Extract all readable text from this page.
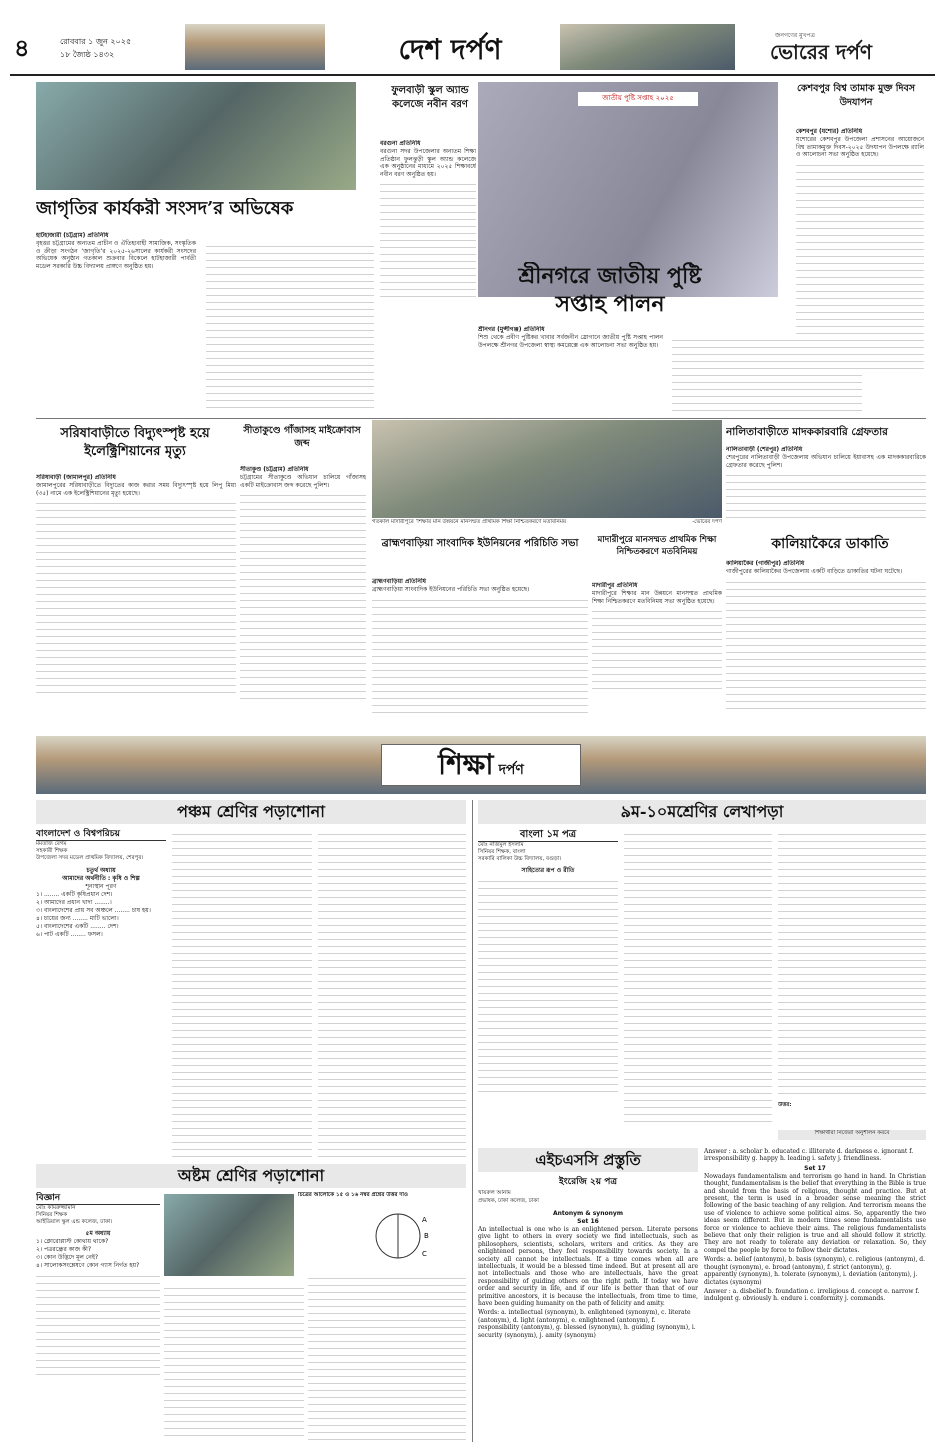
৪	রোববার ১ জুন ২০২৫
১৮ জ্যৈষ্ঠ ১৪৩২	দেশ দর্পণ	জনগণের মুখপত্র
ভোরের দর্পণ
জাগৃতির কার্যকরী সংসদ’র অভিষেক
হাটহাজারী (চট্টগ্রাম) প্রতিনিধি
বৃহত্তর চট্টগ্রামের অন্যতম প্রাচীন ও ঐতিহ্যবাহী সামাজিক, সংস্কৃতিক ও ক্রীড়া সংগঠন ‘জাগৃতি’র ২০২৫-২৬সালের কার্যকরী সংসদের অভিষেক অনুষ্ঠান গতকাল শুক্রবার বিকেলে হাটহাজারী পার্বতী মডেল সরকারি উচ্চ বিদ্যালয় প্রাঙ্গণে অনুষ্ঠিত হয়।
ফুলবাড়ী স্কুল অ্যান্ড কলেজে নবীন বরণ
বরগুনা প্রতিনিধি
বরগুনা সদর উপজেলার অন্যতম শিক্ষা প্রতিষ্ঠান ফুলঝুড়ী স্কুল অ্যান্ড কলেজে এক অনুষ্ঠানের মাধ্যমে ২০২৫ শিক্ষাবর্ষে নবীন বরণ অনুষ্ঠিত হয়।
জাতীয় পুষ্টি সপ্তাহ ২০২৫
শ্রীনগরে জাতীয় পুষ্টি সপ্তাহ পালন
শ্রীনগর (মুন্সীগঞ্জ) প্রতিনিধি
শিশু থেকে প্রবীণ পুষ্টিকর খাবার সর্বজনীন স্লোগানে জাতীয় পুষ্টি সপ্তাহ পালন উপলক্ষে শ্রীনগর উপজেলা স্বাস্থ্য কমপ্লেক্সে এক আলোচনা সভা অনুষ্ঠিত হয়।
কেশবপুর বিশ্ব তামাক মুক্ত দিবস উদযাপন
কেশবপুর (যশোর) প্রতিনিধি
যশোরের কেশবপুর উপজেলা প্রশাসনের আয়োজনে বিশ্ব তামাকমুক্ত দিবস-২০২৫ উদযাপন উপলক্ষে র‍্যালি ও আলোচনা সভা অনুষ্ঠিত হয়েছে।
সরিষাবাড়ীতে বিদ্যুৎস্পৃষ্ট হয়ে ইলেক্ট্রিশিয়ানের মৃত্যু
সরিষাবাড়ী (জামালপুর) প্রতিনিধি
জামালপুরের সরিষাবাড়ীতে বিদ্যুতের কাজ করার সময় বিদ্যুৎস্পৃষ্ট হয়ে লিপু মিয়া (৩৫) নামে এক ইলেক্ট্রিশিয়ানের মৃত্যু হয়েছে।
সীতাকুণ্ডে গাঁজাসহ মাইক্রোবাস জব্দ
সীতাকুণ্ড (চট্টগ্রাম) প্রতিনিধি
চট্টগ্রামের সীতাকুণ্ডে অভিযান চালিয়ে গাঁজাসহ একটি মাইক্রোবাস জব্দ করেছে পুলিশ।
গতকাল মাদারীপুরে ‘শিক্ষার মান উন্নয়নে মানসম্মত প্রাথমিক শিক্ষা নিশ্চিতকরণে মতবিনিময়	-ভোরের দর্পণ
ব্রাহ্মণবাড়িয়া সাংবাদিক ইউনিয়নের পরিচিতি সভা
ব্রাহ্মণবাড়িয়া প্রতিনিধি
ব্রাহ্মণবাড়িয়া সাংবাদিক ইউনিয়নের পরিচিতি সভা অনুষ্ঠিত হয়েছে।
মাদারীপুরে মানসম্মত প্রাথমিক শিক্ষা নিশ্চিতকরণে মতবিনিময়
মাদারীপুর প্রতিনিধি
মাদারীপুরে শিক্ষার মান উন্নয়নে মানসম্মত প্রাথমিক শিক্ষা নিশ্চিতকরণে মতবিনিময় সভা অনুষ্ঠিত হয়েছে।
নালিতাবাড়ীতে মাদককারবারি গ্রেফতার
নালিতাবাড়ী (শেরপুর) প্রতিনিধি
শেরপুরের নালিতাবাড়ী উপজেলায় অভিযান চালিয়ে ইয়াবাসহ এক মাদককারবারিকে গ্রেফতার করেছে পুলিশ।
কালিয়াকৈরে ডাকাতি
কালিয়াকৈর (গাজীপুর) প্রতিনিধি
গাজীপুরের কালিয়াকৈর উপজেলায় একটি বাড়িতে ডাকাতির ঘটনা ঘটেছে।
শিক্ষা দর্পণ
পঞ্চম শ্রেণির পড়াশোনা
বাংলাদেশ ও বিশ্বপরিচয়
মমতাজ বেগম
সহকারী শিক্ষক
উপজেলা সদর মডেল প্রাথমিক বিদ্যালয়, শেরপুর।
চতুর্থ অধ্যায়
আমাদের অর্থনীতি : কৃষি ও শিল্প
শূন্যস্থান পূরণ

১। ........ একটি কৃষিপ্রধান দেশ।

২। আমাদের প্রধান খাদ্য ........।

৩। বাংলাদেশের প্রায় সব অঞ্চলে ........ চাষ হয়।

৪। চায়ের জন্য ........ মাটি ভালো।

৫। বাংলাদেশের একটি ........ দেশ।

৬। পাট একটি ........ ফসল।

অষ্টম শ্রেণির পড়াশোনা
বিজ্ঞান
মোঃ কামরুজ্জামান
সিনিয়র শিক্ষক
আইডিয়াল স্কুল এন্ড কলেজ, ঢাকা।
৫ম অধ্যায়

১। ক্লোরোপ্লাস্ট কোথায় থাকে?

২। পত্ররন্ধ্রের কাজ কী?

৩। কোন উদ্ভিদে মূল নেই?

৪। সালোকসংশ্লেষণে কোন গ্যাস নির্গত হয়?

চিত্রের আলোকে ১৫ ও ১৬ নম্বর প্রশ্নের উত্তর দাও
A
B
C
৯ম-১০মশ্রেণির লেখাপড়া
বাংলা ১ম পত্র
মোঃ নাজমুল ইসলাম
সিনিয়র শিক্ষক, বাংলা
সরকারি বালিকা উচ্চ বিদ্যালয়, বগুড়া।
সাহিত্যের রূপ ও রীতি
উত্তর:
শিক্ষার্থীরা নিজেরা অনুশীলন করবে
এইচএসসি প্রস্তুতি
ইংরেজি ২য় পত্র
খায়রুল আনাম
প্রভাষক, ঢাকা কলেজ, ঢাকা
Antonym & synonym
Set 16
An intellectual is one who is an enlightened person. Literate persons give light to others in every society we find intellectuals, such as philosophers, scientists, scholars, writers and critics. As they are enlightened persons, they feel responsibility towards society. In a society all cannot be intellectuals. If a time comes when all are intellectuals, it would be a blessed time indeed. But at present all are not intellectuals and those who are intellectuals, have the great responsibility of guiding others on the right path. If today we have order and security in life, and if our life is better than that of our primitive ancestors, it is because the intellectuals, from time to time, have been guiding humanity on the path of felicity and amity.
Words: a. intellectual (synonym), b. enlightened (synonym), c. literate (antonym), d. light (antonym), e. enlightened (antonym), f. responsibility (antonym), g. blessed (synonym), h. guiding (synonym), i. security (synonym), j. amity (synonym)
Answer : a. scholar b. educated c. illiterate d. darkness e. ignorant f. irresponsibility g. happy h. leading i. safety j. friendliness.
Set 17
Nowadays fundamentalism and terrorism go hand in hand. In Christian thought, fundamentalism is the belief that everything in the Bible is true and should from the basis of religious, thought and practice. But at present, the term is used in a broader sense meaning the strict following of the basic teaching of any religion. And terrorism means the use of violence to achieve some political aims. So, apparently the two ideas seem different. But in modern times some fundamentalists use force or violence to achieve their aims. The religious fundamentalists believe that only their religion is true and all should follow it strictly. They are not ready to tolerate any deviation or relaxation. So, they compel the people by force to follow their dictates.
Words: a. belief (antonym), b. basis (synonym), c. religious (antonym), d. thought (synonym), e. broad (antonym), f. strict (antonym), g. apparently (synonym), h. tolerate (synonym), i. deviation (antonym), j. dictates (synonym)
Answer : a. disbelief b. foundation c. irreligious d. concept e. narrow f. indulgent g. obviously h. endure i. conformity j. commands.
